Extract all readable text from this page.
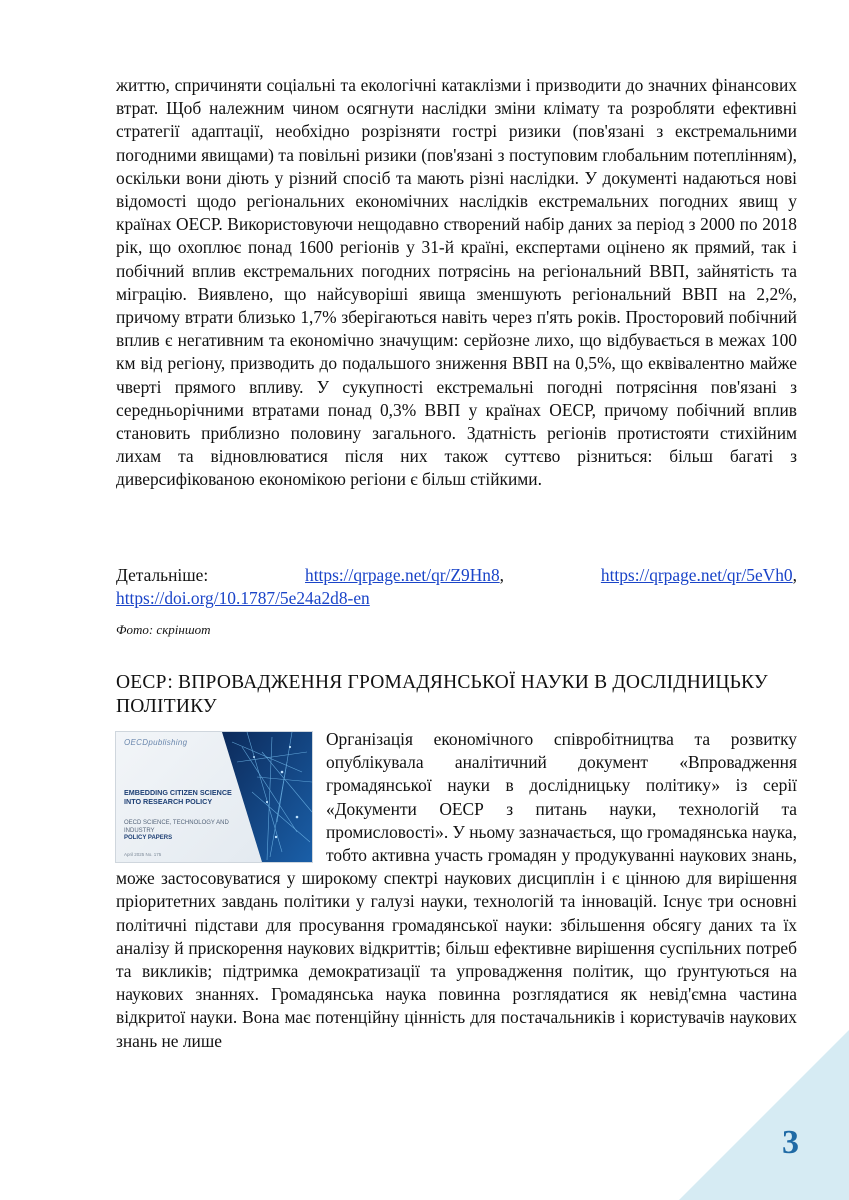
життю, спричиняти соціальні та екологічні катаклізми і призводити до значних фінансових втрат. Щоб належним чином осягнути наслідки зміни клімату та розробляти ефективні стратегії адаптації, необхідно розрізняти гострі ризики (пов'язані з екстремальними погодними явищами) та повільні ризики (пов'язані з поступовим глобальним потеплінням), оскільки вони діють у різний спосіб та мають різні наслідки. У документі надаються нові відомості щодо регіональних економічних наслідків екстремальних погодних явищ у країнах ОЕСР. Використовуючи нещодавно створений набір даних за період з 2000 по 2018 рік, що охоплює понад 1600 регіонів у 31-й країні, експертами оцінено як прямий, так і побічний вплив екстремальних погодних потрясінь на регіональний ВВП, зайнятість та міграцію. Виявлено, що найсуворіші явища зменшують регіональний ВВП на 2,2%, причому втрати близько 1,7% зберігаються навіть через п'ять років. Просторовий побічний вплив є негативним та економічно значущим: серйозне лихо, що відбувається в межах 100 км від регіону, призводить до подальшого зниження ВВП на 0,5%, що еквівалентно майже чверті прямого впливу. У сукупності екстремальні погодні потрясіння пов'язані з середньорічними втратами понад 0,3% ВВП у країнах ОЕСР, причому побічний вплив становить приблизно половину загального. Здатність регіонів протистояти стихійним лихам та відновлюватися після них також суттєво різниться: більш багаті з диверсифікованою економікою регіони є більш стійкими.

Детальніше:	https://qrpage.net/qr/Z9Hn8,	https://qrpage.net/qr/5eVh0,
https://doi.org/10.1787/5e24a2d8-en
Фото: скріншот
ОЕСР: ВПРОВАДЖЕННЯ ГРОМАДЯНСЬКОЇ НАУКИ В ДОСЛІДНИЦЬКУ ПОЛІТИКУ
OECDpublishing
EMBEDDING CITIZEN SCIENCE INTO RESEARCH POLICY
OECD SCIENCE, TECHNOLOGY AND INDUSTRY
POLICY PAPERS
April 2025 No. 175

Організація економічного співробітництва та розвитку опублікувала аналітичний документ «Впровадження громадянської науки в дослідницьку політику» із серії «Документи ОЕСР з питань науки, технологій та промисловості». У ньому зазначається, що громадянська наука, тобто активна участь громадян у продукуванні наукових знань, може застосовуватися у широкому спектрі наукових дисциплін і є цінною для вирішення пріоритетних завдань політики у галузі науки, технологій та інновацій. Існує три основні політичні підстави для просування громадянської науки: збільшення обсягу даних та їх аналізу й прискорення наукових відкриттів; більш ефективне вирішення суспільних потреб та викликів; підтримка демократизації та упровадження політик, що ґрунтуються на наукових знаннях. Громадянська наука повинна розглядатися як невід'ємна частина відкритої науки. Вона має потенційну цінність для постачальників і користувачів наукових знань не лише

3
